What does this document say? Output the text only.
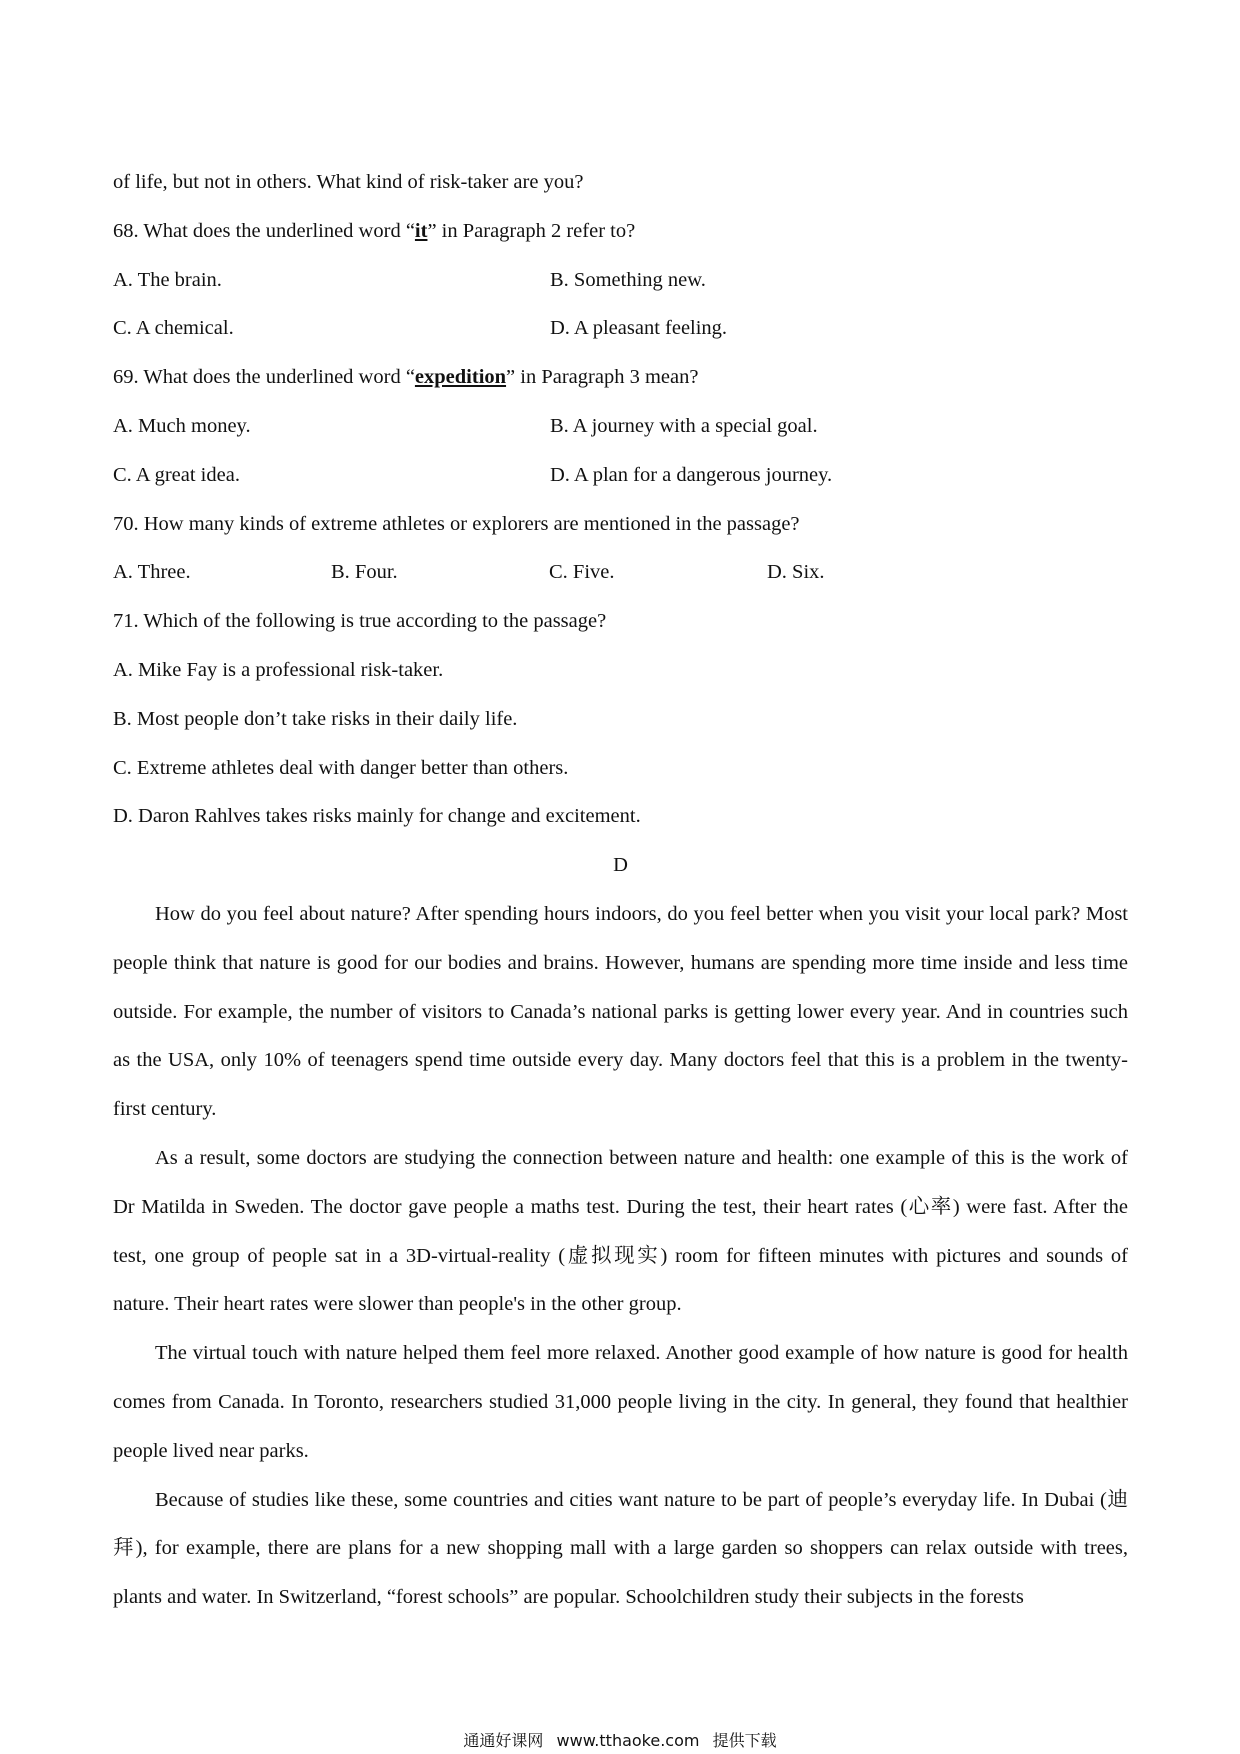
of life, but not in others. What kind of risk-taker are you?
68. What does the underlined word “it” in Paragraph 2 refer to?
A. The brain.	B. Something new.
C. A chemical.	D. A pleasant feeling.
69. What does the underlined word “expedition” in Paragraph 3 mean?
A. Much money.	B. A journey with a special goal.
C. A great idea.	D. A plan for a dangerous journey.
70. How many kinds of extreme athletes or explorers are mentioned in the passage?
A. Three.	B. Four.	C. Five.	D. Six.
71. Which of the following is true according to the passage?
A. Mike Fay is a professional risk-taker.
B. Most people don’t take risks in their daily life.
C. Extreme athletes deal with danger better than others.
D. Daron Rahlves takes risks mainly for change and excitement.
D

How do you feel about nature? After spending hours indoors, do you feel better when you visit your local park? Most people think that nature is good for our bodies and brains. However, humans are spending more time inside and less time outside. For example, the number of visitors to Canada’s national parks is getting lower every year. And in countries such as the USA, only 10% of teenagers spend time outside every day. Many doctors feel that this is a problem in the twenty-first century.

As a result, some doctors are studying the connection between nature and health: one example of this is the work of Dr Matilda in Sweden. The doctor gave people a maths test. During the test, their heart rates (心率) were fast. After the test, one group of people sat in a 3D-virtual-reality (虚拟现实) room for fifteen minutes with pictures and sounds of nature. Their heart rates were slower than people's in the other group.

The virtual touch with nature helped them feel more relaxed. Another good example of how nature is good for health comes from Canada. In Toronto, researchers studied 31,000 people living in the city. In general, they found that healthier people lived near parks.

Because of studies like these, some countries and cities want nature to be part of people’s everyday life. In Dubai (迪拜), for example, there are plans for a new shopping mall with a large garden so shoppers can relax outside with trees, plants and water. In Switzerland, “forest schools” are popular. Schoolchildren study their subjects in the forests

通通好课网 www.tthaoke.com 提供下载
